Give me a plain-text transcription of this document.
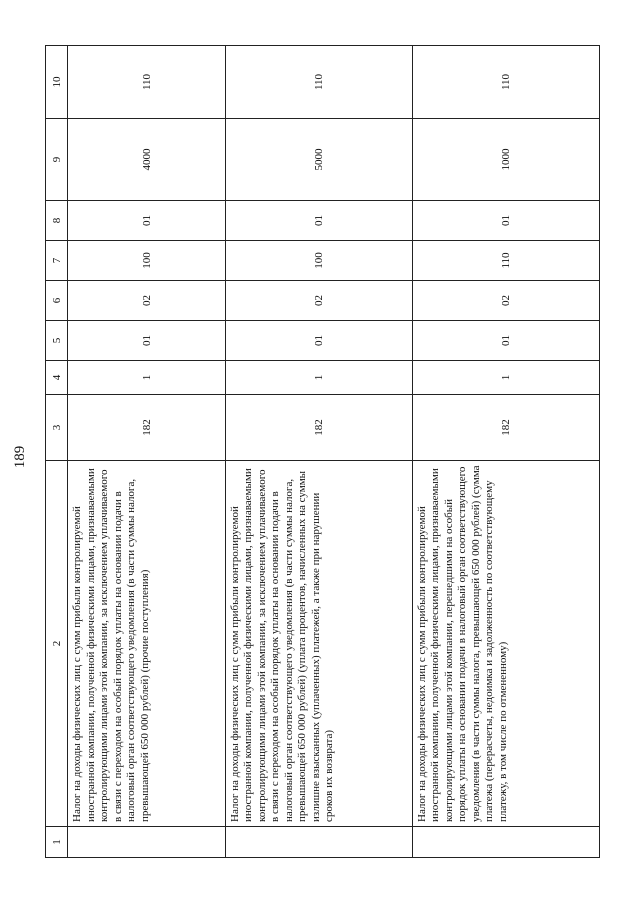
189
1	2	3	4	5	6	7	8	9	10
	Налог на доходы физических лиц с сумм прибыли контролируемой иностранной компании, полученной физическими лицами, признаваемыми контролирующими лицами этой компании, за исключением уплачиваемого в связи с переходом на особый порядок уплаты на основании подачи в налоговый орган соответствующего уведомления (в части суммы налога, превышающей 650 000 рублей) (прочие поступления)	182	1	01	02	100	01	4000	110
	Налог на доходы физических лиц с сумм прибыли контролируемой иностранной компании, полученной физическими лицами, признаваемыми контролирующими лицами этой компании, за исключением уплачиваемого в связи с переходом на особый порядок уплаты на основании подачи в налоговый орган соответствующего уведомления (в части суммы налога, превышающей 650 000 рублей) (уплата процентов, начисленных на суммы излишне взысканных (уплаченных) платежей, а также при нарушении сроков их возврата)	182	1	01	02	100	01	5000	110
	Налог на доходы физических лиц с сумм прибыли контролируемой иностранной компании, полученной физическими лицами, признаваемыми контролирующими лицами этой компании, перешедшими на особый порядок уплаты на основании подачи в налоговый орган соответствующего уведомления (в части суммы налога, превышающей 650 000 рублей) (сумма платежа (перерасчеты, недоимка и задолженность по соответствующему платежу, в том числе по отмененному)	182	1	01	02	110	01	1000	110
